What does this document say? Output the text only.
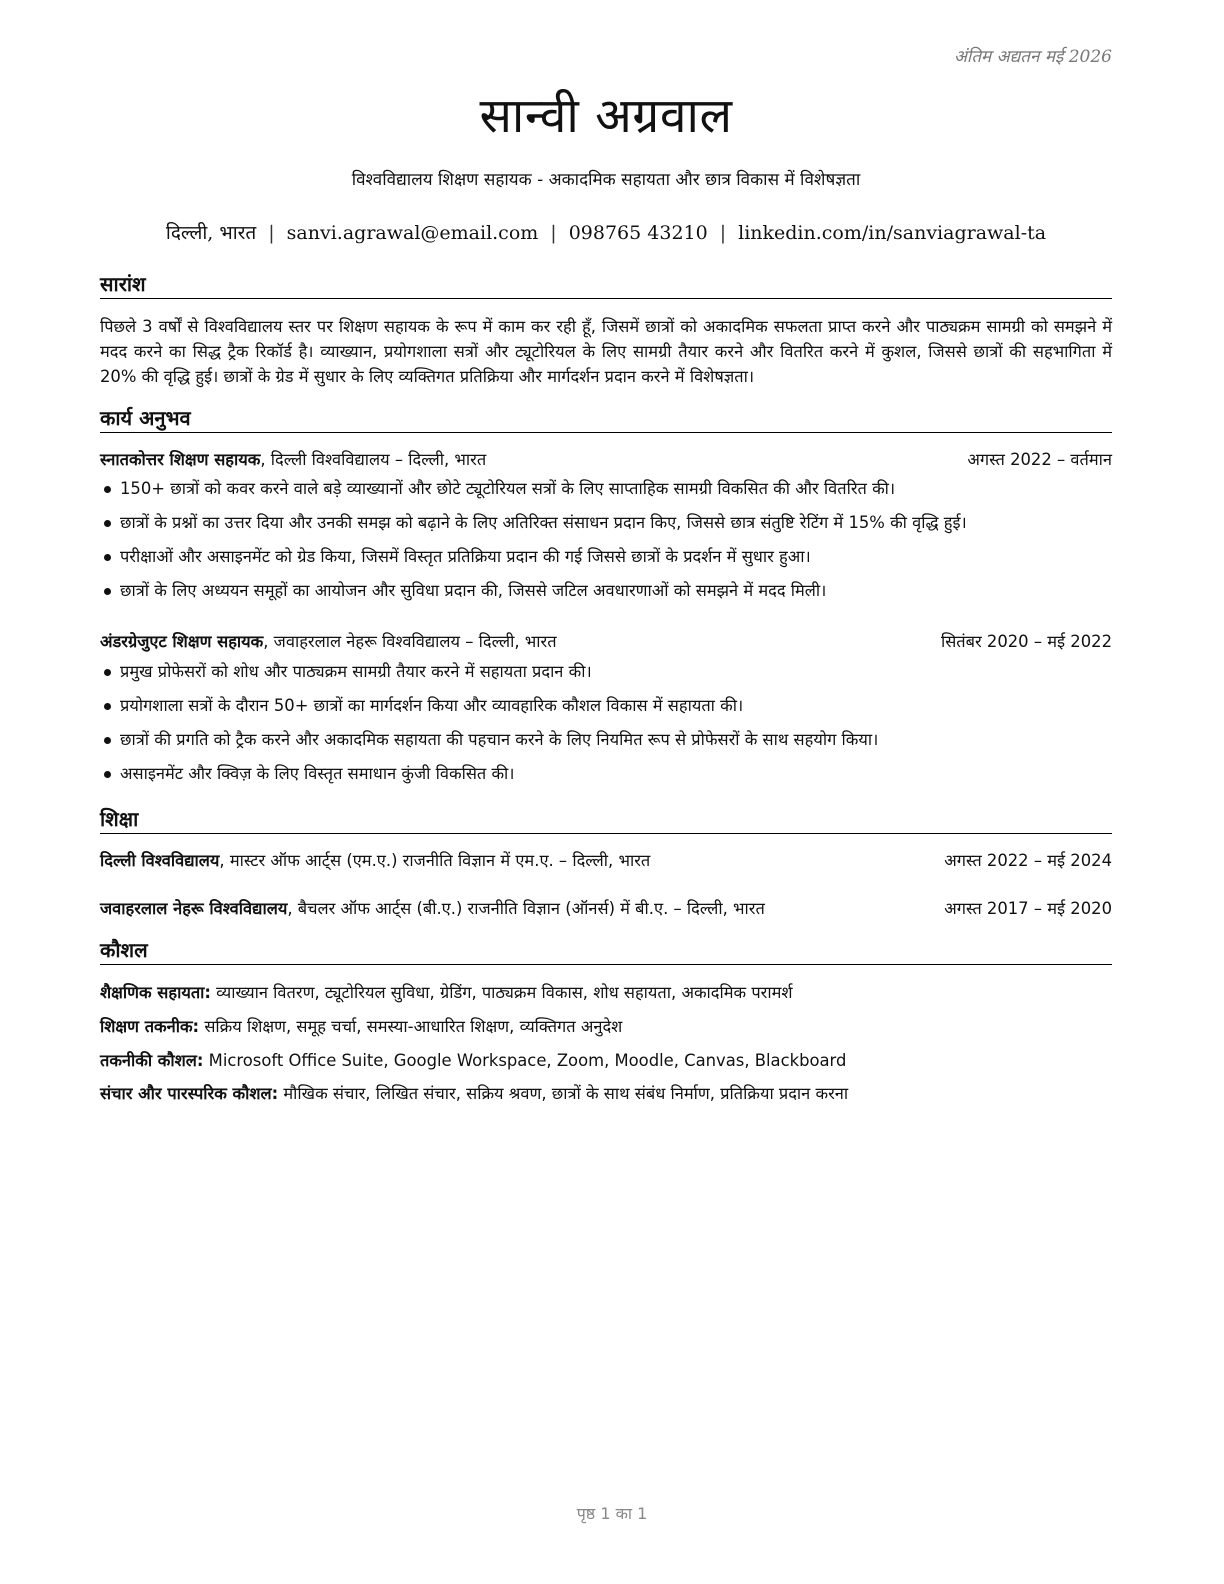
अंतिम अद्यतन मई 2026
सान्वी अग्रवाल
विश्वविद्यालय शिक्षण सहायक - अकादमिक सहायता और छात्र विकास में विशेषज्ञता
दिल्ली, भारत | sanvi.agrawal@email.com | 098765 43210 | linkedin.com/in/sanviagrawal-ta
सारांश
पिछले 3 वर्षों से विश्वविद्यालय स्तर पर शिक्षण सहायक के रूप में काम कर रही हूँ, जिसमें छात्रों को अकादमिक सफलता प्राप्त करने और पाठ्यक्रम सामग्री को समझने में मदद करने का सिद्ध ट्रैक रिकॉर्ड है। व्याख्यान, प्रयोगशाला सत्रों और ट्यूटोरियल के लिए सामग्री तैयार करने और वितरित करने में कुशल, जिससे छात्रों की सहभागिता में 20% की वृद्धि हुई। छात्रों के ग्रेड में सुधार के लिए व्यक्तिगत प्रतिक्रिया और मार्गदर्शन प्रदान करने में विशेषज्ञता।
कार्य अनुभव
स्नातकोत्तर शिक्षण सहायक, दिल्ली विश्वविद्यालय – दिल्ली, भारत	अगस्त 2022 – वर्तमान
150+ छात्रों को कवर करने वाले बड़े व्याख्यानों और छोटे ट्यूटोरियल सत्रों के लिए साप्ताहिक सामग्री विकसित की और वितरित की।
छात्रों के प्रश्नों का उत्तर दिया और उनकी समझ को बढ़ाने के लिए अतिरिक्त संसाधन प्रदान किए, जिससे छात्र संतुष्टि रेटिंग में 15% की वृद्धि हुई।
परीक्षाओं और असाइनमेंट को ग्रेड किया, जिसमें विस्तृत प्रतिक्रिया प्रदान की गई जिससे छात्रों के प्रदर्शन में सुधार हुआ।
छात्रों के लिए अध्ययन समूहों का आयोजन और सुविधा प्रदान की, जिससे जटिल अवधारणाओं को समझने में मदद मिली।
अंडरग्रेजुएट शिक्षण सहायक, जवाहरलाल नेहरू विश्वविद्यालय – दिल्ली, भारत	सितंबर 2020 – मई 2022
प्रमुख प्रोफेसरों को शोध और पाठ्यक्रम सामग्री तैयार करने में सहायता प्रदान की।
प्रयोगशाला सत्रों के दौरान 50+ छात्रों का मार्गदर्शन किया और व्यावहारिक कौशल विकास में सहायता की।
छात्रों की प्रगति को ट्रैक करने और अकादमिक सहायता की पहचान करने के लिए नियमित रूप से प्रोफेसरों के साथ सहयोग किया।
असाइनमेंट और क्विज़ के लिए विस्तृत समाधान कुंजी विकसित की।
शिक्षा
दिल्ली विश्वविद्यालय, मास्टर ऑफ आर्ट्स (एम.ए.) राजनीति विज्ञान में एम.ए. – दिल्ली, भारत	अगस्त 2022 – मई 2024
जवाहरलाल नेहरू विश्वविद्यालय, बैचलर ऑफ आर्ट्स (बी.ए.) राजनीति विज्ञान (ऑनर्स) में बी.ए. – दिल्ली, भारत	अगस्त 2017 – मई 2020
कौशल
शैक्षणिक सहायता: व्याख्यान वितरण, ट्यूटोरियल सुविधा, ग्रेडिंग, पाठ्यक्रम विकास, शोध सहायता, अकादमिक परामर्श
शिक्षण तकनीक: सक्रिय शिक्षण, समूह चर्चा, समस्या-आधारित शिक्षण, व्यक्तिगत अनुदेश
तकनीकी कौशल: Microsoft Office Suite, Google Workspace, Zoom, Moodle, Canvas, Blackboard
संचार और पारस्परिक कौशल: मौखिक संचार, लिखित संचार, सक्रिय श्रवण, छात्रों के साथ संबंध निर्माण, प्रतिक्रिया प्रदान करना
पृष्ठ 1 का 1
